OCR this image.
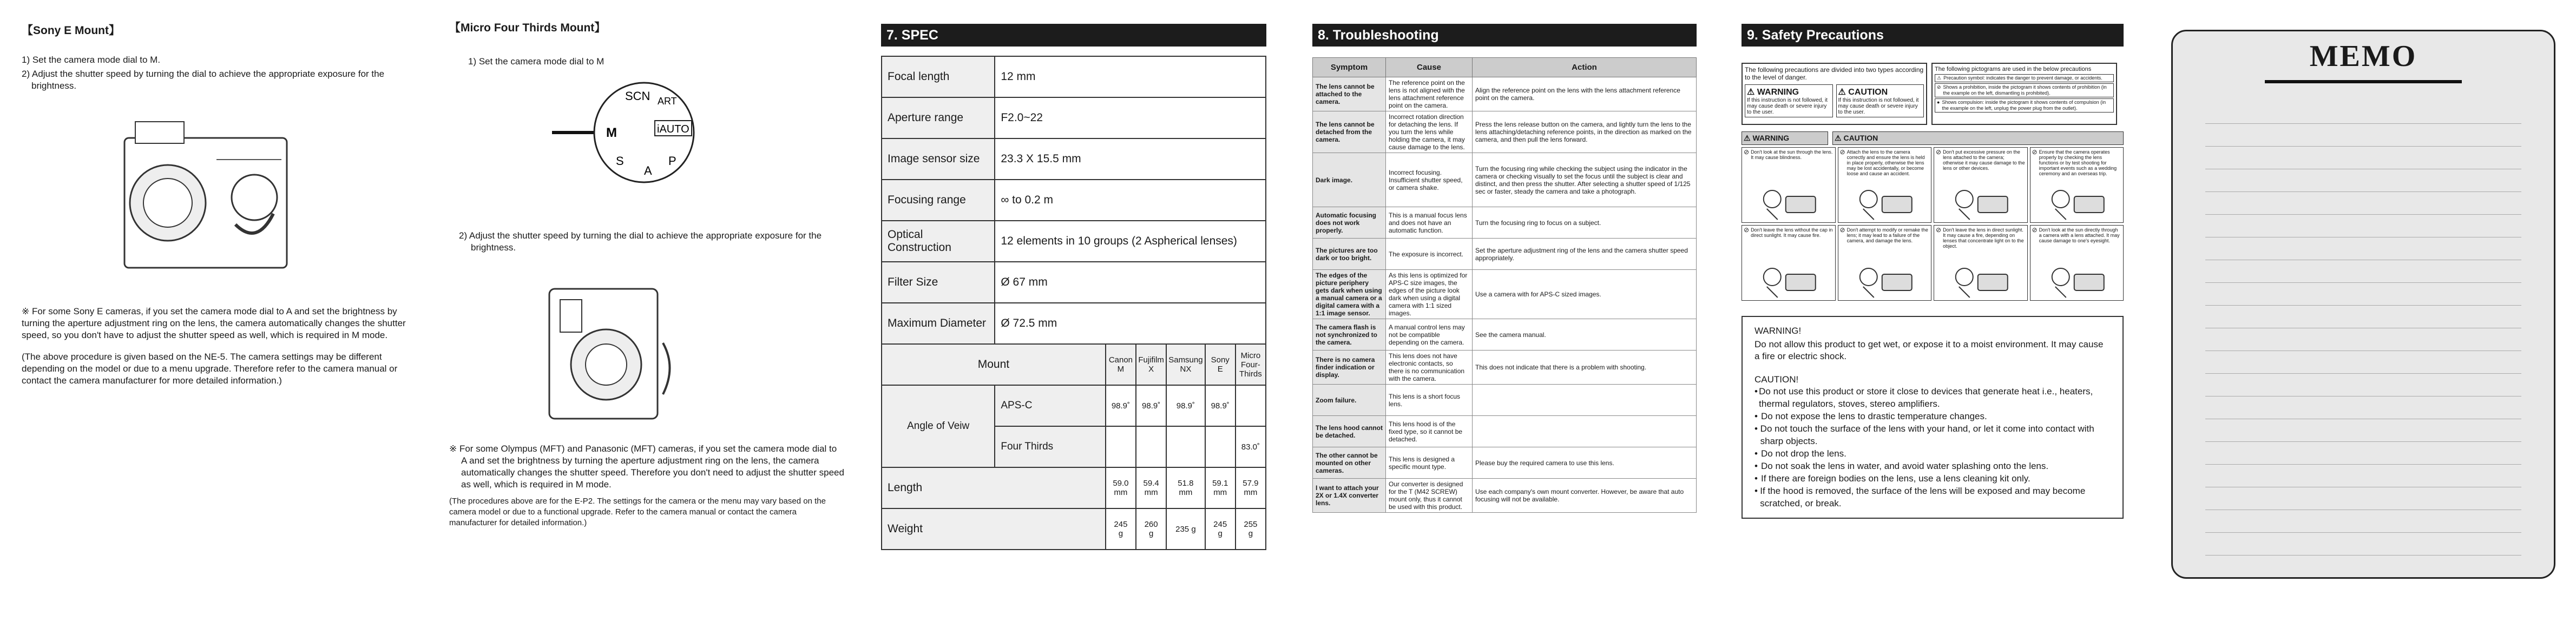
【Sony E Mount】

1) Set the camera mode dial to M.

2) Adjust the shutter speed by turning the dial to achieve the appropriate exposure for the brightness.

※ For some Sony E cameras, if you set the camera mode dial to A and set the brightness by turning the aperture adjustment ring on the lens, the camera automatically changes the shutter speed, so you don't have to adjust the shutter speed as well, which is required in M mode.

(The above procedure is given based on the NE-5. The camera settings may be different depending on the model or due to a menu upgrade. Therefore refer to the camera manual or contact the camera manufacturer for more detailed information.)

【Micro Four Thirds Mount】

1) Set the camera mode dial to M

M
SCN ART
iAUTO
P
A
S

2) Adjust the shutter speed by turning the dial to achieve the appropriate exposure for the brightness.

※ For some Olympus (MFT) and Panasonic (MFT) cameras, if you set the camera mode dial to A and set the brightness by turning the aperture adjustment ring on the lens, the camera automatically changes the shutter speed. Therefore you don't need to adjust the shutter speed as well, which is required in M mode.

(The procedures above are for the E-P2. The settings for the camera or the menu may vary based on the camera model or due to a functional upgrade. Refer to the camera manual or contact the camera manufacturer for detailed information.)

7. SPEC
Focal length	12 mm					
Aperture range	F2.0~22					
Image sensor size	23.3 X 15.5 mm					
Focusing range	∞ to 0.2 m					
Optical Construction	12 elements in 10 groups (2 Aspherical lenses)					
Filter Size	Ø 67 mm					
Maximum Diameter	Ø 72.5 mm					
Mount		Canon M	Fujifilm X	Samsung NX	Sony E	Micro Four-Thirds
Angle of Veiw	APS-C	98.9˚	98.9˚	98.9˚	98.9˚	
	Four Thirds					83.0˚
Length		59.0 mm	59.4 mm	51.8 mm	59.1 mm	57.9 mm
Weight		245 g	260 g	235 g	245 g	255 g
8. Troubleshooting
Symptom	Cause	Action
The lens cannot be attached to the camera.	The reference point on the lens is not aligned with the lens attachment reference point on the camera.	Align the reference point on the lens with the lens attachment reference point on the camera.
The lens cannot be detached from the camera.	Incorrect rotation direction for detaching the lens. If you turn the lens while holding the camera, it may cause damage to the lens.	Press the lens release button on the camera, and lightly turn the lens to the lens attaching/detaching reference points, in the direction as marked on the camera, and then pull the lens forward.
Dark image.	Incorrect focusing. Insufficient shutter speed, or camera shake.	Turn the focusing ring while checking the subject using the indicator in the camera or checking visually to set the focus until the subject is clear and distinct, and then press the shutter. After selecting a shutter speed of 1/125 sec or faster, steady the camera and take a photograph.
Automatic focusing does not work properly.	This is a manual focus lens and does not have an automatic function.	Turn the focusing ring to focus on a subject.
The pictures are too dark or too bright.	The exposure is incorrect.	Set the aperture adjustment ring of the lens and the camera shutter speed appropriately.
The edges of the picture periphery gets dark when using a manual camera or a digital camera with a 1:1 image sensor.	As this lens is optimized for APS-C size images, the edges of the picture look dark when using a digital camera with 1:1 sized images.	Use a camera with for APS-C sized images.
The camera flash is not synchronized to the camera.	A manual control lens may not be compatible depending on the camera.	See the camera manual.
There is no camera finder indication or display.	This lens does not have electronic contacts, so there is no communication with the camera.	This does not indicate that there is a problem with shooting.
Zoom failure.	This lens is a short focus lens.	
The lens hood cannot be detached.	This lens hood is of the fixed type, so it cannot be detached.	
The other cannot be mounted on other cameras.	This lens is designed a specific mount type.	Please buy the required camera to use this lens.
I want to attach your 2X or 1.4X converter lens.	Our converter is designed for the T (M42 SCREW) mount only, thus it cannot be used with this product.	Use each company's own mount converter. However, be aware that auto focusing will not be available.
9. Safety Precautions
The following precautions are divided into two types according to the level of danger.
⚠ WARNING
If this instruction is not followed, it may cause death or severe injury to the user.
⚠ CAUTION
If this instruction is not followed, it may cause death or severe injury to the user.
The following pictograms are used in the below precautions
⚠ Precaution symbol: indicates the danger to prevent damage, or accidents.
⊘ Shows a prohibition, inside the pictogram it shows contents of prohibition (in the example on the left, dismantling is prohibited).
● Shows compulsion: inside the pictogram it shows contents of compulsion (in the example on the left, unplug the power plug from the outlet).
⚠ WARNING	⚠ CAUTION
⊘ Don't look at the sun through the lens. It may cause blindness.
⊘ Attach the lens to the camera correctly and ensure the lens is held in place properly, otherwise the lens may be lost accidentally, or become loose and cause an accident.
⊘ Don't put excessive pressure on the lens attached to the camera; otherwise it may cause damage to the lens or other devices.
⊘ Ensure that the camera operates properly by checking the lens functions or by test shooting for important events such as a wedding ceremony and an overseas trip.
⊘ Don't leave the lens without the cap in direct sunlight. It may cause fire.
⊘ Don't attempt to modify or remake the lens; it may lead to a failure of the camera, and damage the lens.
⊘ Don't leave the lens in direct sunlight. It may cause a fire, depending on lenses that concentrate light on to the object.
⊘ Don't look at the sun directly through a camera with a lens attached. It may cause damage to one's eyesight.
WARNING!

Do not allow this product to get wet, or expose it to a moist environment. It may cause a fire or electric shock.

CAUTION!
• Do not use this product or store it close to devices that generate heat i.e., heaters, thermal regulators, stoves, stereo amplifiers.
• Do not expose the lens to drastic temperature changes.
• Do not touch the surface of the lens with your hand, or let it come into contact with sharp objects.
• Do not drop the lens.
• Do not soak the lens in water, and avoid water splashing onto the lens.
• If there are foreign bodies on the lens, use a lens cleaning kit only.
• If the hood is removed, the surface of the lens will be exposed and may become scratched, or break.
MEMO
